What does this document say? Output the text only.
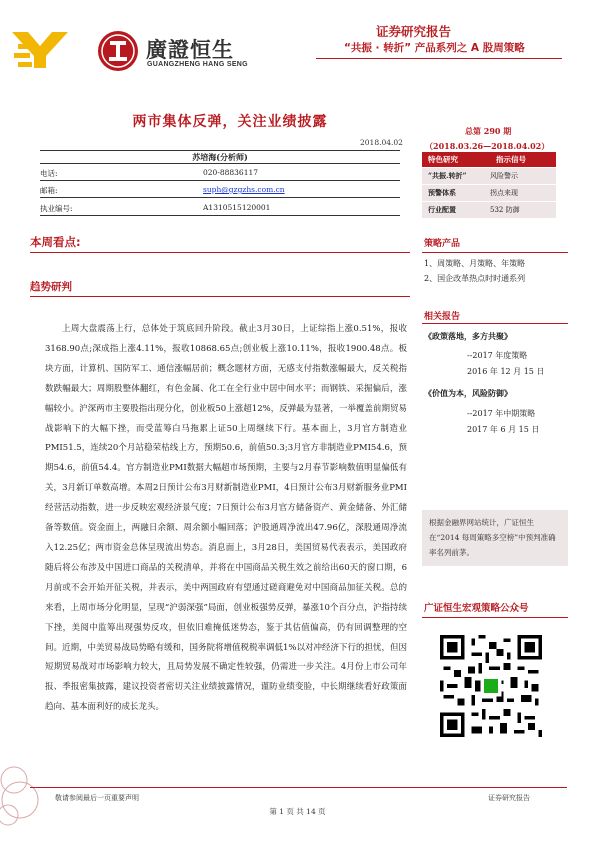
廣證恒生
GUANGZHENG HANG SENG
证券研究报告
“共振 · 转折” 产品系列之 A 股周策略
两市集体反弹，关注业绩披露
2018.04.02
苏培海(分析师)
电话:	020-88836117
邮箱:	suph@gzgzhs.com.cn
执业编号:	A1310515120001
总第 290 期
（2018.03.26—2018.04.02）
特色研究	指示信号
“共振.转折”	风险警示
预警体系	拐点来现
行业配置	532 防御
本周看点:
趋势研判
策略产品
1、周策略、月策略、年策略
2、国企改革热点时时通系列
相关报告
《政策落地，多方共聚》
--2017 年度策略
2016 年 12 月 15 日
《价值为本，风险防御》
--2017 年中期策略
2017 年 6 月 15 日

根据金融界网站统计，广证恒生在“2014 每周策略多空榜”中预判准确率名列前茅。

广证恒生宏观策略公众号

上周大盘震荡上行，总体处于筑底回升阶段。截止3月30日，上证综指上涨0.51%，报收3168.90点;深成指上涨4.11%，报收10868.65点;创业板上涨10.11%，报收1900.48点。板块方面，计算机、国防军工、通信涨幅居前；概念题材方面，无感支付指数涨幅最大，反关税指数跌幅最大；周期股整体翻红，有色金属、化工在全行业中居中间水平；而钢铁、采掘偏后，涨幅较小。沪深两市主要股指出现分化，创业板50上涨超12%，反弹最为显著，一举覆盖前期贸易战影响下的大幅下挫，而受蓝筹白马拖累上证50上周继续下行。基本面上，3月官方制造业PMI51.5，连续20个月站稳荣枯线上方，预期50.6，前值50.3;3月官方非制造业PMI54.6，预期54.6，前值54.4。官方制造业PMI数据大幅超市场预期，主要与2月春节影响数值明显偏低有关，3月新订单数高增。本周2日预计公布3月财新制造业PMI，4日预计公布3月财新服务业PMI经营活动指数，进一步反映宏观经济景气度；7日预计公布3月官方储备资产、黄金储备、外汇储备等数值。资金面上，两融日余额、周余额小幅回落；沪股通周净流出47.96亿，深股通周净流入12.25亿；两市资金总体呈现流出势态。消息面上，3月28日，美国贸易代表表示，美国政府随后将公布涉及中国进口商品的关税清单，并将在中国商品关税生效之前给出60天的窗口期，6月前或不会开始开征关税，并表示，美中两国政府有望通过磋商避免对中国商品加征关税。总的来看，上周市场分化明显，呈现“沪弱深强”局面，创业板强势反弹，暴涨10个百分点，沪指持续下挫，美阅中监筹出现强势反攻，但依旧难掩低迷势态，鉴于其估值偏高，仍有回调整理的空间。近期，中美贸易战局势略有缓和，国务院将增值税税率调低1%以对冲经济下行的担忧，但因短期贸易战对市场影响力较大，且局势发展不确定性较强，仍需进一步关注。4月份上市公司年报、季报密集披露，建议投资者密切关注业绩披露情况，谨防业绩变脸，中长期继续看好政策面趋向、基本面利好的成长龙头。

敬请参阅最后一页重要声明
第 1 页 共 14 页
证券研究报告
